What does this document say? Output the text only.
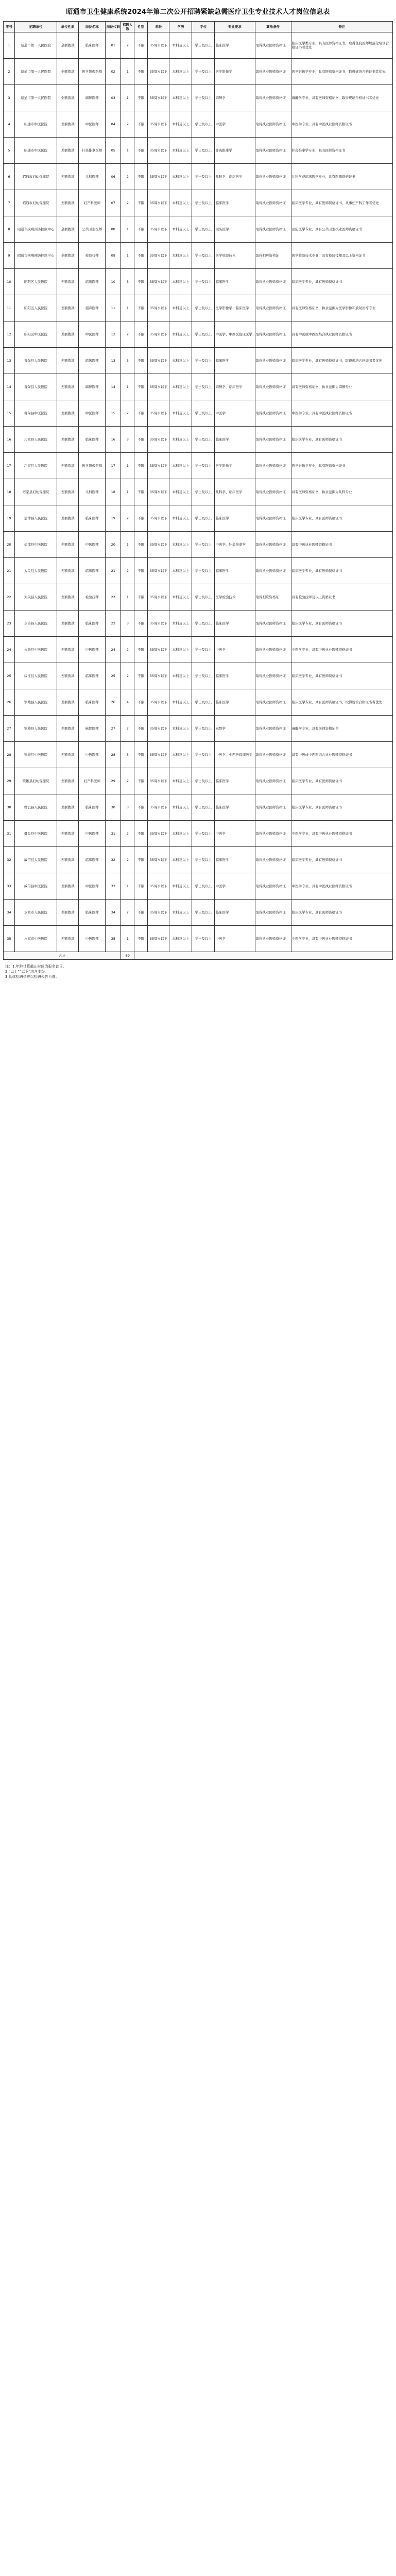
昭通市卫生健康系统2024年第二次公开招聘紧缺急需医疗卫生专业技术人才岗位信息表
序号	招聘单位	单位性质	岗位名称	岗位代码	招聘人数	性别	年龄	学历	学位	专业要求	其他条件	备注
1	昭通市第一人民医院	全额拨款	临床医师	01	2	不限	35周岁以下	本科及以上	学士及以上	临床医学	取得执业医师资格证	临床医学类专业，具有医师资格证书，取得住院医师规范化培训合格证书者优先
2	昭通市第一人民医院	全额拨款	医学影像医师	02	1	不限	35周岁以下	本科及以上	学士及以上	医学影像学	取得执业医师资格证	医学影像学专业，具有医师资格证书，取得规培合格证书者优先
3	昭通市第一人民医院	全额拨款	麻醉医师	03	1	不限	35周岁以下	本科及以上	学士及以上	麻醉学	取得执业医师资格证	麻醉学专业，具有医师资格证书，取得规培合格证书者优先
4	昭通市中医医院	差额拨款	中医医师	04	2	不限	35周岁以下	本科及以上	学士及以上	中医学	取得执业医师资格证	中医学专业，具有中医执业医师资格证书
5	昭通市中医医院	差额拨款	针灸推拿医师	05	1	不限	35周岁以下	本科及以上	学士及以上	针灸推拿学	取得执业医师资格证	针灸推拿学专业，具有医师资格证书
6	昭通市妇幼保健院	差额拨款	儿科医师	06	2	不限	35周岁以下	本科及以上	学士及以上	儿科学、临床医学	取得执业医师资格证	儿科学或临床医学专业，具有医师资格证书
7	昭通市妇幼保健院	差额拨款	妇产科医师	07	2	不限	35周岁以下	本科及以上	学士及以上	临床医学	取得执业医师资格证	临床医学专业，具有医师资格证书，从事妇产科工作者优先
8	昭通市疾病预防控制中心	全额拨款	公共卫生医师	08	1	不限	35周岁以下	本科及以上	学士及以上	预防医学	取得执业医师资格证	预防医学专业，具有公共卫生执业医师资格证书
9	昭通市疾病预防控制中心	全额拨款	检验技师	09	1	不限	35周岁以下	本科及以上	学士及以上	医学检验技术	取得相应资格证	医学检验技术专业，具有检验技师及以上资格证书
10	昭阳区人民医院	差额拨款	临床医师	10	3	不限	35周岁以下	本科及以上	学士及以上	临床医学	取得执业医师资格证	临床医学专业，具有医师资格证书
11	昭阳区人民医院	差额拨款	超声医师	11	1	不限	35周岁以下	本科及以上	学士及以上	医学影像学、临床医学	取得执业医师资格证	具有医师资格证书，执业范围为医学影像和放射治疗专业
12	昭阳区中医医院	差额拨款	中医医师	12	2	不限	35周岁以下	本科及以上	学士及以上	中医学、中西医临床医学	取得执业医师资格证	具有中医或中西医结合执业医师资格证书
13	鲁甸县人民医院	差额拨款	临床医师	13	3	不限	35周岁以下	本科及以上	学士及以上	临床医学	取得执业医师资格证	临床医学专业，具有医师资格证书，取得规培合格证书者优先
14	鲁甸县人民医院	差额拨款	麻醉医师	14	1	不限	35周岁以下	本科及以上	学士及以上	麻醉学、临床医学	取得执业医师资格证	具有医师资格证书，执业范围为麻醉专业
15	鲁甸县中医医院	差额拨款	中医医师	15	2	不限	35周岁以下	本科及以上	学士及以上	中医学	取得执业医师资格证	中医学专业，具有中医执业医师资格证书
16	巧家县人民医院	差额拨款	临床医师	16	3	不限	35周岁以下	本科及以上	学士及以上	临床医学	取得执业医师资格证	临床医学专业，具有医师资格证书
17	巧家县人民医院	差额拨款	医学影像医师	17	1	不限	35周岁以下	本科及以上	学士及以上	医学影像学	取得执业医师资格证	医学影像学专业，具有医师资格证书
18	巧家县妇幼保健院	差额拨款	儿科医师	18	1	不限	35周岁以下	本科及以上	学士及以上	儿科学、临床医学	取得执业医师资格证	具有医师资格证书，执业范围为儿科专业
19	盐津县人民医院	差额拨款	临床医师	19	2	不限	35周岁以下	本科及以上	学士及以上	临床医学	取得执业医师资格证	临床医学专业，具有医师资格证书
20	盐津县中医医院	差额拨款	中医医师	20	1	不限	35周岁以下	本科及以上	学士及以上	中医学、针灸推拿学	取得执业医师资格证	具有中医执业医师资格证书
21	大关县人民医院	差额拨款	临床医师	21	2	不限	35周岁以下	本科及以上	学士及以上	临床医学	取得执业医师资格证	临床医学专业，具有医师资格证书
22	大关县人民医院	差额拨款	检验技师	22	1	不限	35周岁以下	本科及以上	学士及以上	医学检验技术	取得相应资格证	具有检验技师及以上资格证书
23	永善县人民医院	差额拨款	临床医师	23	3	不限	35周岁以下	本科及以上	学士及以上	临床医学	取得执业医师资格证	临床医学专业，具有医师资格证书
24	永善县中医医院	差额拨款	中医医师	24	2	不限	35周岁以下	本科及以上	学士及以上	中医学	取得执业医师资格证	中医学专业，具有中医执业医师资格证书
25	绥江县人民医院	差额拨款	临床医师	25	2	不限	35周岁以下	本科及以上	学士及以上	临床医学	取得执业医师资格证	临床医学专业，具有医师资格证书
26	镇雄县人民医院	差额拨款	临床医师	26	4	不限	35周岁以下	本科及以上	学士及以上	临床医学	取得执业医师资格证	临床医学专业，具有医师资格证书，取得规培合格证书者优先
27	镇雄县人民医院	差额拨款	麻醉医师	27	2	不限	35周岁以下	本科及以上	学士及以上	麻醉学	取得执业医师资格证	麻醉学专业，具有医师资格证书
28	镇雄县中医医院	差额拨款	中医医师	28	3	不限	35周岁以下	本科及以上	学士及以上	中医学、中西医临床医学	取得执业医师资格证	具有中医或中西医结合执业医师资格证书
29	镇雄县妇幼保健院	差额拨款	妇产科医师	29	2	不限	35周岁以下	本科及以上	学士及以上	临床医学	取得执业医师资格证	临床医学专业，具有医师资格证书
30	彝良县人民医院	差额拨款	临床医师	30	3	不限	35周岁以下	本科及以上	学士及以上	临床医学	取得执业医师资格证	临床医学专业，具有医师资格证书
31	彝良县中医医院	差额拨款	中医医师	31	2	不限	35周岁以下	本科及以上	学士及以上	中医学	取得执业医师资格证	中医学专业，具有中医执业医师资格证书
32	威信县人民医院	差额拨款	临床医师	32	2	不限	35周岁以下	本科及以上	学士及以上	临床医学	取得执业医师资格证	临床医学专业，具有医师资格证书
33	威信县中医医院	差额拨款	中医医师	33	1	不限	35周岁以下	本科及以上	学士及以上	中医学	取得执业医师资格证	中医学专业，具有中医执业医师资格证书
34	水富市人民医院	差额拨款	临床医师	34	2	不限	35周岁以下	本科及以上	学士及以上	临床医学	取得执业医师资格证	临床医学专业，具有医师资格证书
35	水富市中医医院	差额拨款	中医医师	35	1	不限	35周岁以下	本科及以上	学士及以上	中医学	取得执业医师资格证	中医学专业，具有中医执业医师资格证书
合计					69							
注：1.年龄计算截止时间为报名首日。
2.“以上”“以下”均含本级。
3.具体招聘条件以招聘公告为准。
